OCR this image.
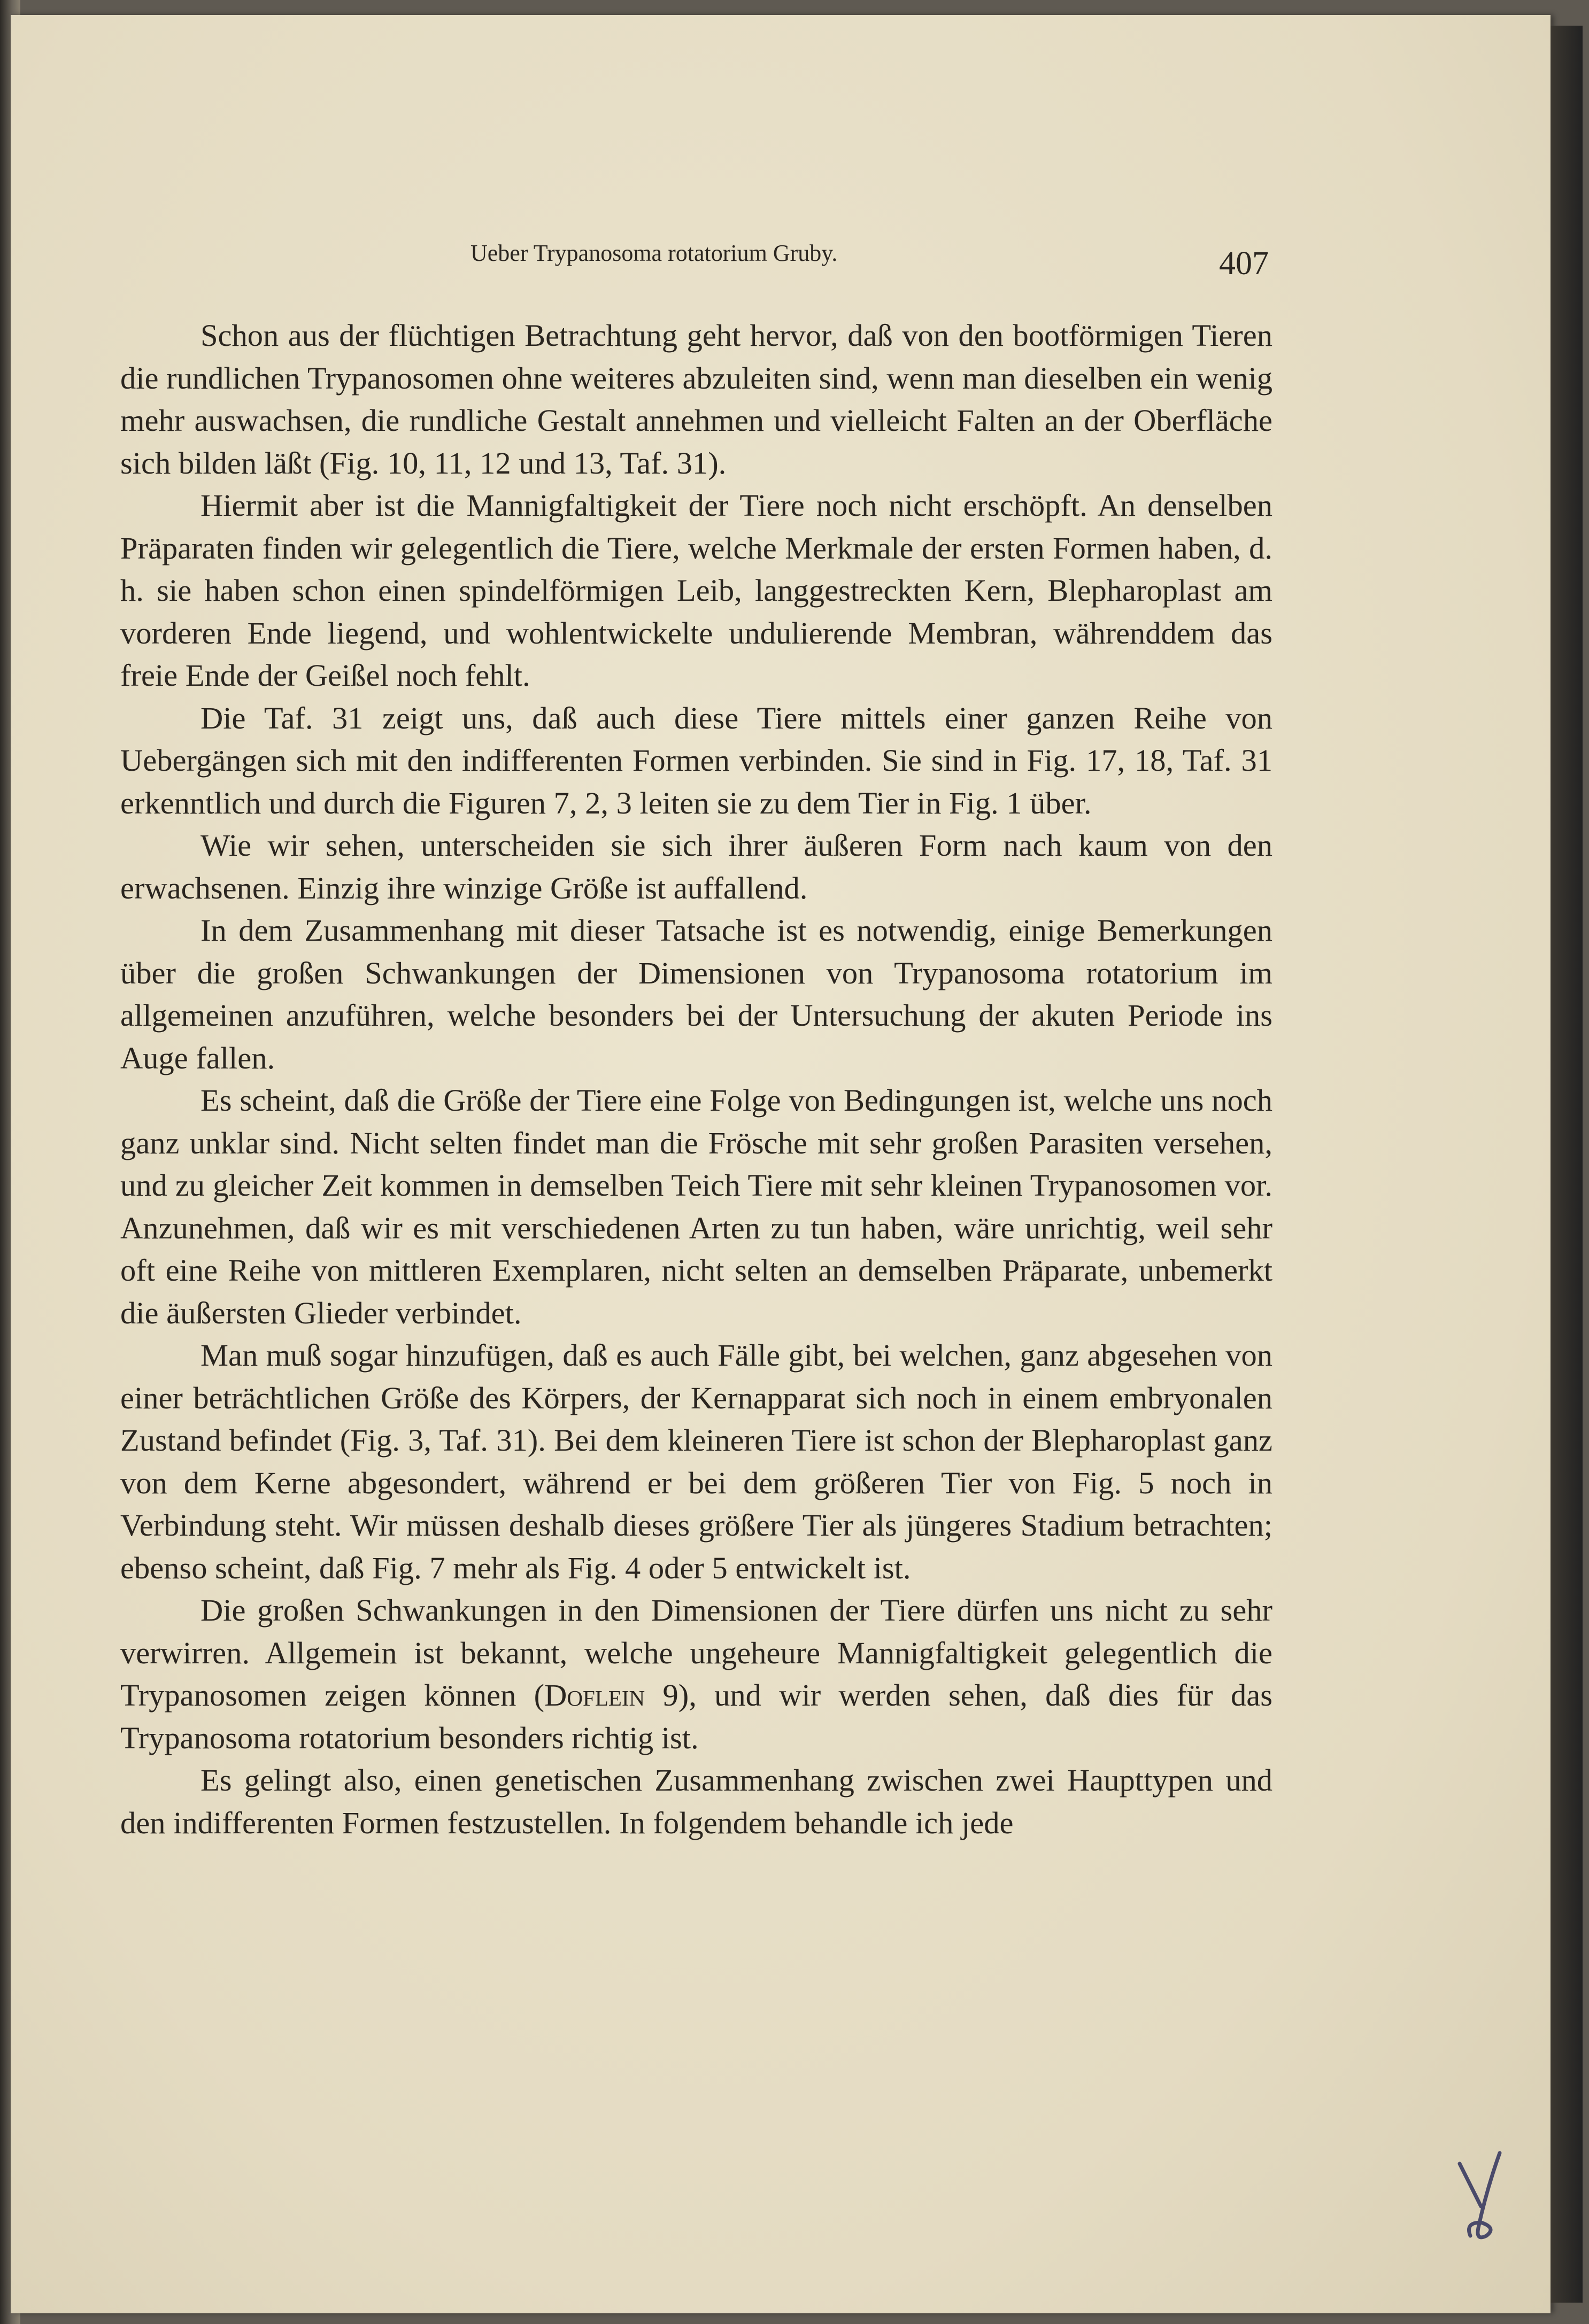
Ueber Trypanosoma rotatorium Gruby.	407

Schon aus der flüchtigen Betrachtung geht hervor, daß von den bootförmigen Tieren die rundlichen Trypanosomen ohne weiteres abzuleiten sind, wenn man dieselben ein wenig mehr auswachsen, die rundliche Gestalt annehmen und vielleicht Falten an der Oberfläche sich bilden läßt (Fig. 10, 11, 12 und 13, Taf. 31).

Hiermit aber ist die Mannigfaltigkeit der Tiere noch nicht erschöpft. An denselben Präparaten finden wir gelegentlich die Tiere, welche Merkmale der ersten Formen haben, d. h. sie haben schon einen spindelförmigen Leib, langgestreckten Kern, Blepharoplast am vorderen Ende liegend, und wohlentwickelte undulierende Membran, währenddem das freie Ende der Geißel noch fehlt.

Die Taf. 31 zeigt uns, daß auch diese Tiere mittels einer ganzen Reihe von Uebergängen sich mit den indifferenten Formen verbinden. Sie sind in Fig. 17, 18, Taf. 31 erkenntlich und durch die Figuren 7, 2, 3 leiten sie zu dem Tier in Fig. 1 über.

Wie wir sehen, unterscheiden sie sich ihrer äußeren Form nach kaum von den erwachsenen. Einzig ihre winzige Größe ist auffallend.

In dem Zusammenhang mit dieser Tatsache ist es notwendig, einige Bemerkungen über die großen Schwankungen der Dimensionen von Trypanosoma rotatorium im allgemeinen anzuführen, welche besonders bei der Untersuchung der akuten Periode ins Auge fallen.

Es scheint, daß die Größe der Tiere eine Folge von Bedingungen ist, welche uns noch ganz unklar sind. Nicht selten findet man die Frösche mit sehr großen Parasiten versehen, und zu gleicher Zeit kommen in demselben Teich Tiere mit sehr kleinen Trypanosomen vor. Anzunehmen, daß wir es mit verschiedenen Arten zu tun haben, wäre unrichtig, weil sehr oft eine Reihe von mittleren Exemplaren, nicht selten an demselben Präparate, unbemerkt die äußersten Glieder verbindet.

Man muß sogar hinzufügen, daß es auch Fälle gibt, bei welchen, ganz abgesehen von einer beträchtlichen Größe des Körpers, der Kernapparat sich noch in einem embryonalen Zustand befindet (Fig. 3, Taf. 31). Bei dem kleineren Tiere ist schon der Blepharoplast ganz von dem Kerne abgesondert, während er bei dem größeren Tier von Fig. 5 noch in Verbindung steht. Wir müssen deshalb dieses größere Tier als jüngeres Stadium betrachten; ebenso scheint, daß Fig. 7 mehr als Fig. 4 oder 5 entwickelt ist.

Die großen Schwankungen in den Dimensionen der Tiere dürfen uns nicht zu sehr verwirren. Allgemein ist bekannt, welche ungeheure Mannigfaltigkeit gelegentlich die Trypanosomen zeigen können (Doflein 9), und wir werden sehen, daß dies für das Trypanosoma rotatorium besonders richtig ist.

Es gelingt also, einen genetischen Zusammenhang zwischen zwei Haupttypen und den indifferenten Formen festzustellen. In folgendem behandle ich jede
